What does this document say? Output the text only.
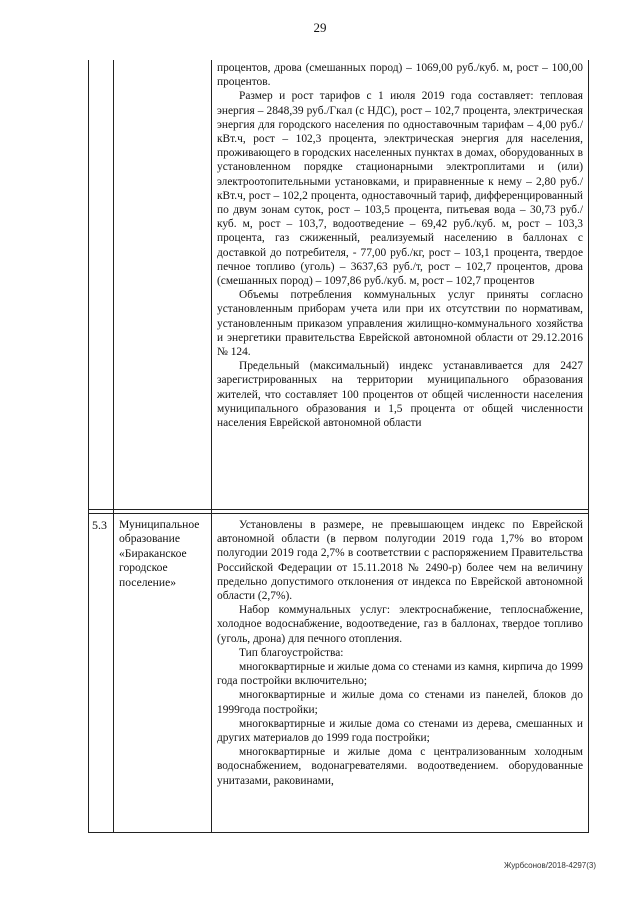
29

процентов, дрова (смешанных пород) – 1069,00 руб./куб. м, рост – 100,00 процентов.

Размер и рост тарифов с 1 июля 2019 года составляет: тепловая энергия – 2848,39 руб./Гкал (с НДС), рост – 102,7 процента, электрическая энергия для городского населения по одноставочным тарифам – 4,00 руб./кВт.ч, рост – 102,3 процента, электрическая энергия для населения, проживающего в городских населенных пунктах в домах, оборудованных в установленном порядке стационарными электроплитами и (или) электроотопительными установками, и приравненные к нему – 2,80 руб./кВт.ч, рост – 102,2 процента, одноставочный тариф, дифференцированный по двум зонам суток, рост – 103,5 процента, питьевая вода – 30,73 руб./куб. м, рост – 103,7, водоотведение – 69,42 руб./куб. м, рост – 103,3 процента, газ сжиженный, реализуемый населению в баллонах с доставкой до потребителя, - 77,00 руб./кг, рост – 103,1 процента, твердое печное топливо (уголь) – 3637,63 руб./т, рост – 102,7 процентов, дрова (смешанных пород) – 1097,86 руб./куб. м, рост – 102,7 процентов

Объемы потребления коммунальных услуг приняты согласно установленным приборам учета или при их отсутствии по нормативам, установленным приказом управления жилищно-коммунального хозяйства и энергетики правительства Еврейской автономной области от 29.12.2016 № 124.

Предельный (максимальный) индекс устанавливается для 2427 зарегистрированных на территории муниципального образования жителей, что составляет 100 процентов от общей численности населения муниципального образования и 1,5 процента от общей численности населения Еврейской автономной области

5.3 Муниципальное
образование
«Бираканское
городское
поселение»

Установлены в размере, не превышающем индекс по Еврейской автономной области (в первом полугодии 2019 года 1,7% во втором полугодии 2019 года 2,7% в соответствии с распоряжением Правительства Российской Федерации от 15.11.2018 № 2490-р) более чем на величину предельно допустимого отклонения от индекса по Еврейской автономной области (2,7%).

Набор коммунальных услуг: электроснабжение, теплоснабжение, холодное водоснабжение, водоотведение, газ в баллонах, твердое топливо (уголь, дрона) для печного отопления.

Тип благоустройства:

многоквартирные и жилые дома со стенами из камня, кирпича до 1999 года постройки включительно;

многоквартирные и жилые дома со стенами из панелей, блоков до 1999года постройки;

многоквартирные и жилые дома со стенами из дерева, смешанных и других материалов до 1999 года постройки;

многоквартирные и жилые дома с централизованным холодным водоснабжением, водонагревателями. водоотведением. оборудованные унитазами, раковинами,

Журбсонов/2018-4297(3)
